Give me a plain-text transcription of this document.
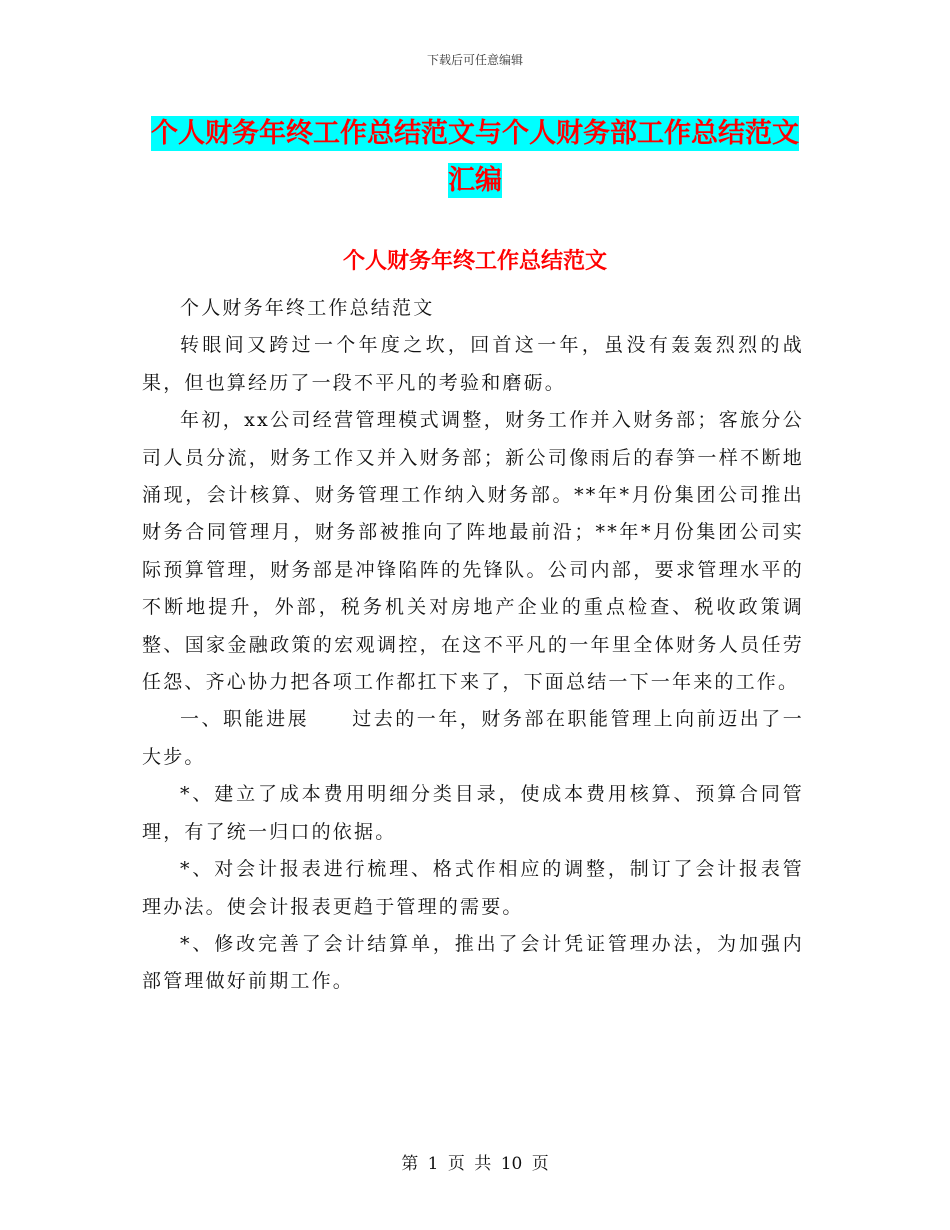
下载后可任意编辑
个人财务年终工作总结范文与个人财务部工作总结范文汇编
个人财务年终工作总结范文

个人财务年终工作总结范文

转眼间又跨过一个年度之坎，回首这一年，虽没有轰轰烈烈的战果，但也算经历了一段不平凡的考验和磨砺。

年初，xx公司经营管理模式调整，财务工作并入财务部；客旅分公司人员分流，财务工作又并入财务部；新公司像雨后的春笋一样不断地涌现，会计核算、财务管理工作纳入财务部。**年*月份集团公司推出财务合同管理月，财务部被推向了阵地最前沿；**年*月份集团公司实际预算管理，财务部是冲锋陷阵的先锋队。公司内部，要求管理水平的不断地提升，外部，税务机关对房地产企业的重点检查、税收政策调整、国家金融政策的宏观调控，在这不平凡的一年里全体财务人员任劳任怨、齐心协力把各项工作都扛下来了，下面总结一下一年来的工作。

一、职能进展　　过去的一年，财务部在职能管理上向前迈出了一大步。

*、建立了成本费用明细分类目录，使成本费用核算、预算合同管理，有了统一归口的依据。

*、对会计报表进行梳理、格式作相应的调整，制订了会计报表管理办法。使会计报表更趋于管理的需要。

*、修改完善了会计结算单，推出了会计凭证管理办法，为加强内部管理做好前期工作。

第 1 页 共 10 页
